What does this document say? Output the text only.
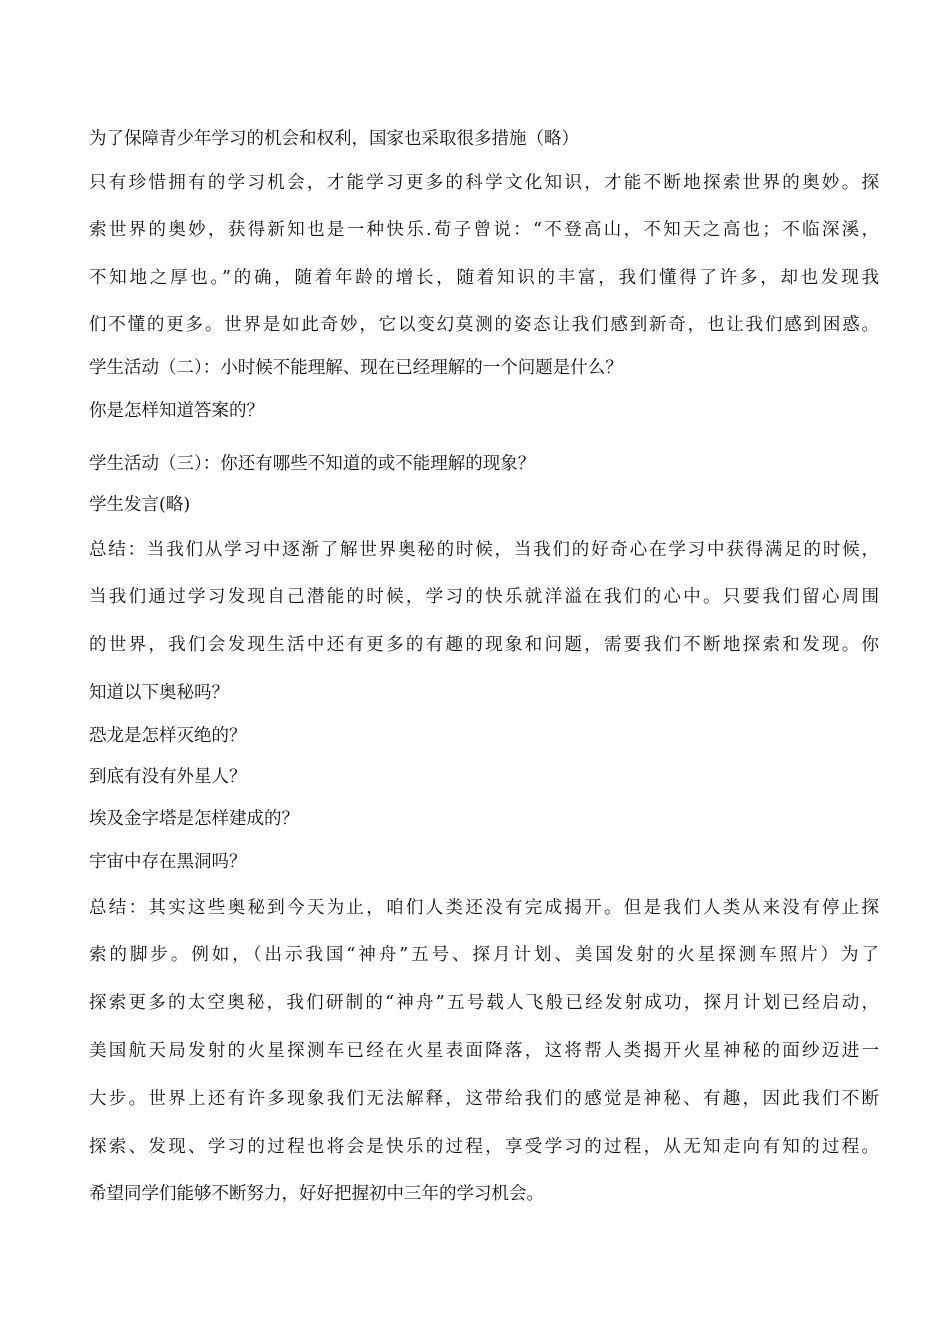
为了保障青少年学习的机会和权利，国家也采取很多措施（略）
只有珍惜拥有的学习机会，才能学习更多的科学文化知识，才能不断地探索世界的奥妙。探
索世界的奥妙，获得新知也是一种快乐.荀子曾说：“不登高山，不知天之高也；不临深溪，
不知地之厚也。”的确，随着年龄的增长，随着知识的丰富，我们懂得了许多，却也发现我
们不懂的更多。世界是如此奇妙，它以变幻莫测的姿态让我们感到新奇，也让我们感到困惑。
学生活动（二）：小时候不能理解、现在已经理解的一个问题是什么？
你是怎样知道答案的？
学生活动（三）：你还有哪些不知道的或不能理解的现象？
学生发言(略)
总结：当我们从学习中逐渐了解世界奥秘的时候，当我们的好奇心在学习中获得满足的时候，
当我们通过学习发现自己潜能的时候，学习的快乐就洋溢在我们的心中。只要我们留心周围
的世界，我们会发现生活中还有更多的有趣的现象和问题，需要我们不断地探索和发现。你
知道以下奥秘吗？
恐龙是怎样灭绝的？
到底有没有外星人？
埃及金字塔是怎样建成的？
宇宙中存在黑洞吗？
总结：其实这些奥秘到今天为止，咱们人类还没有完成揭开。但是我们人类从来没有停止探
索的脚步。例如，（出示我国“神舟”五号、探月计划、美国发射的火星探测车照片）为了
探索更多的太空奥秘，我们研制的“神舟”五号载人飞般已经发射成功，探月计划已经启动，
美国航天局发射的火星探测车已经在火星表面降落，这将帮人类揭开火星神秘的面纱迈进一
大步。世界上还有许多现象我们无法解释，这带给我们的感觉是神秘、有趣，因此我们不断
探索、发现、学习的过程也将会是快乐的过程，享受学习的过程，从无知走向有知的过程。
希望同学们能够不断努力，好好把握初中三年的学习机会。
